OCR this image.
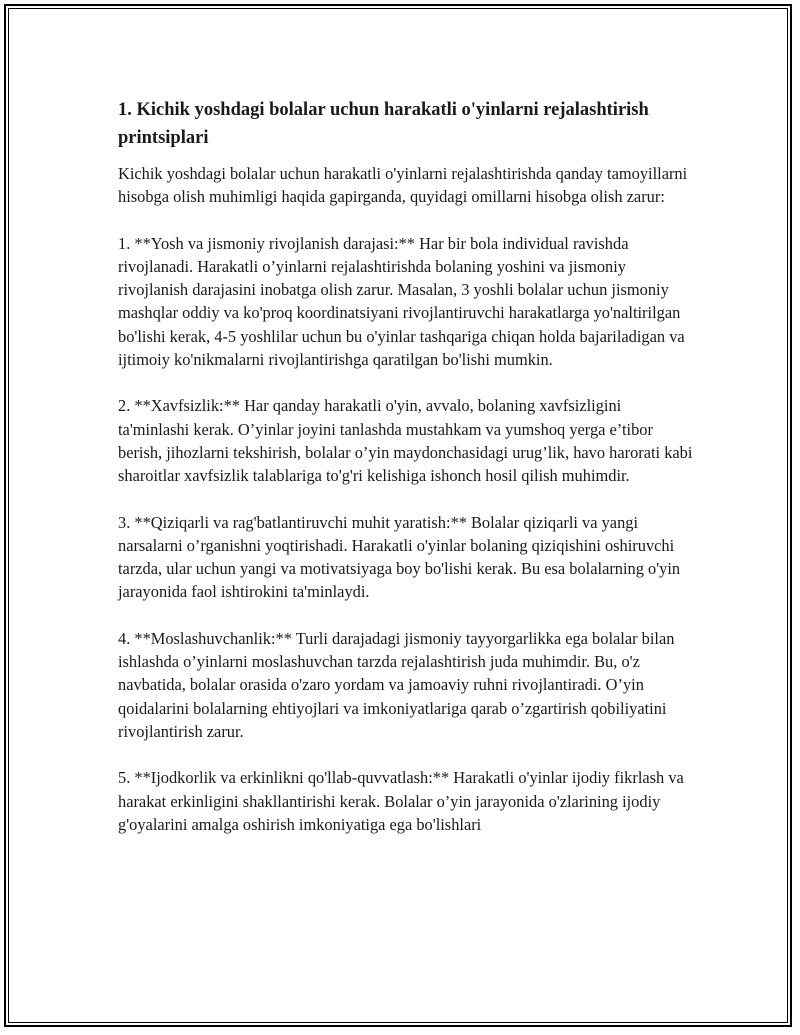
1. Kichik yoshdagi bolalar uchun harakatli o'yinlarni rejalashtirish printsiplari

Kichik yoshdagi bolalar uchun harakatli o'yinlarni rejalashtirishda qanday tamoyillarni hisobga olish muhimligi haqida gapirganda, quyidagi omillarni hisobga olish zarur:

1. **Yosh va jismoniy rivojlanish darajasi:** Har bir bola individual ravishda rivojlanadi. Harakatli o’yinlarni rejalashtirishda bolaning yoshini va jismoniy rivojlanish darajasini inobatga olish zarur. Masalan, 3 yoshli bolalar uchun jismoniy mashqlar oddiy va ko'proq koordinatsiyani rivojlantiruvchi harakatlarga yo'naltirilgan bo'lishi kerak, 4-5 yoshlilar uchun bu o'yinlar tashqariga chiqan holda bajariladigan va ijtimoiy ko'nikmalarni rivojlantirishga qaratilgan bo'lishi mumkin.

2. **Xavfsizlik:** Har qanday harakatli o'yin, avvalo, bolaning xavfsizligini ta'minlashi kerak. O’yinlar joyini tanlashda mustahkam va yumshoq yerga e’tibor berish, jihozlarni tekshirish, bolalar o’yin maydonchasidagi urug’lik, havo harorati kabi sharoitlar xavfsizlik talablariga to'g'ri kelishiga ishonch hosil qilish muhimdir.

3. **Qiziqarli va rag'batlantiruvchi muhit yaratish:** Bolalar qiziqarli va yangi narsalarni o’rganishni yoqtirishadi. Harakatli o'yinlar bolaning qiziqishini oshiruvchi tarzda, ular uchun yangi va motivatsiyaga boy bo'lishi kerak. Bu esa bolalarning o'yin jarayonida faol ishtirokini ta'minlaydi.

4. **Moslashuvchanlik:** Turli darajadagi jismoniy tayyorgarlikka ega bolalar bilan ishlashda o’yinlarni moslashuvchan tarzda rejalashtirish juda muhimdir. Bu, o'z navbatida, bolalar orasida o'zaro yordam va jamoaviy ruhni rivojlantiradi. O’yin qoidalarini bolalarning ehtiyojlari va imkoniyatlariga qarab o’zgartirish qobiliyatini rivojlantirish zarur.

5. **Ijodkorlik va erkinlikni qo'llab-quvvatlash:** Harakatli o'yinlar ijodiy fikrlash va harakat erkinligini shakllantirishi kerak. Bolalar o’yin jarayonida o'zlarining ijodiy g'oyalarini amalga oshirish imkoniyatiga ega bo'lishlari
